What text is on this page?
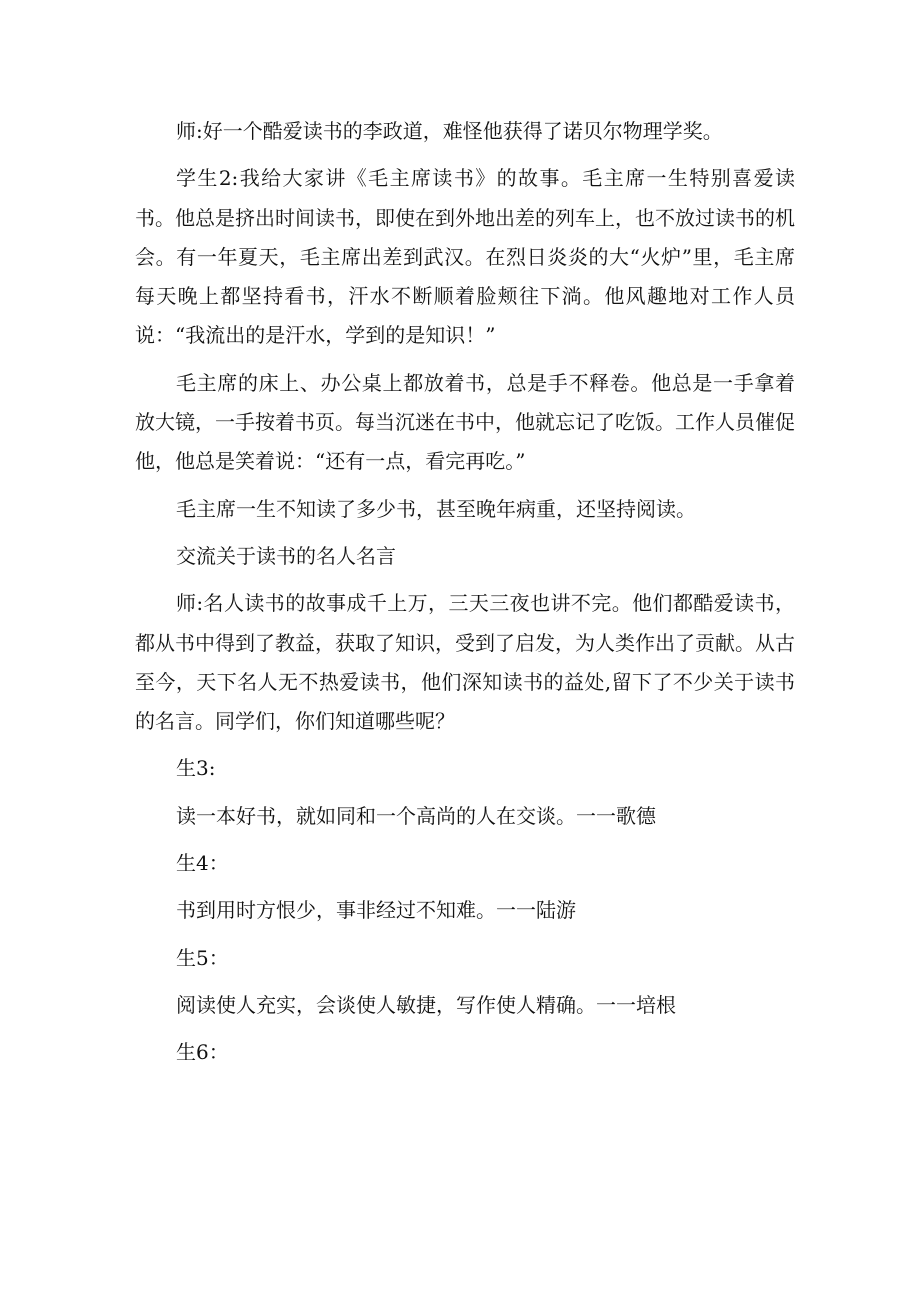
师:好一个酷爱读书的李政道，难怪他获得了诺贝尔物理学奖。

学生2:我给大家讲《毛主席读书》的故事。毛主席一生特别喜爱读书。他总是挤出时间读书，即使在到外地出差的列车上，也不放过读书的机会。有一年夏天，毛主席出差到武汉。在烈日炎炎的大“火炉”里，毛主席每天晚上都坚持看书，汗水不断顺着脸颊往下淌。他风趣地对工作人员说：“我流出的是汗水，学到的是知识！”

毛主席的床上、办公桌上都放着书，总是手不释卷。他总是一手拿着放大镜，一手按着书页。每当沉迷在书中，他就忘记了吃饭。工作人员催促他，他总是笑着说：“还有一点，看完再吃。”

毛主席一生不知读了多少书，甚至晚年病重，还坚持阅读。

交流关于读书的名人名言

师:名人读书的故事成千上万，三天三夜也讲不完。他们都酷爱读书，都从书中得到了教益，获取了知识，受到了启发，为人类作出了贡献。从古至今，天下名人无不热爱读书，他们深知读书的益处,留下了不少关于读书的名言。同学们，你们知道哪些呢？

生3:

读一本好书，就如同和一个高尚的人在交谈。一一歌德

生4：

书到用时方恨少，事非经过不知难。一一陆游

生5：

阅读使人充实，会谈使人敏捷，写作使人精确。一一培根

生6：
